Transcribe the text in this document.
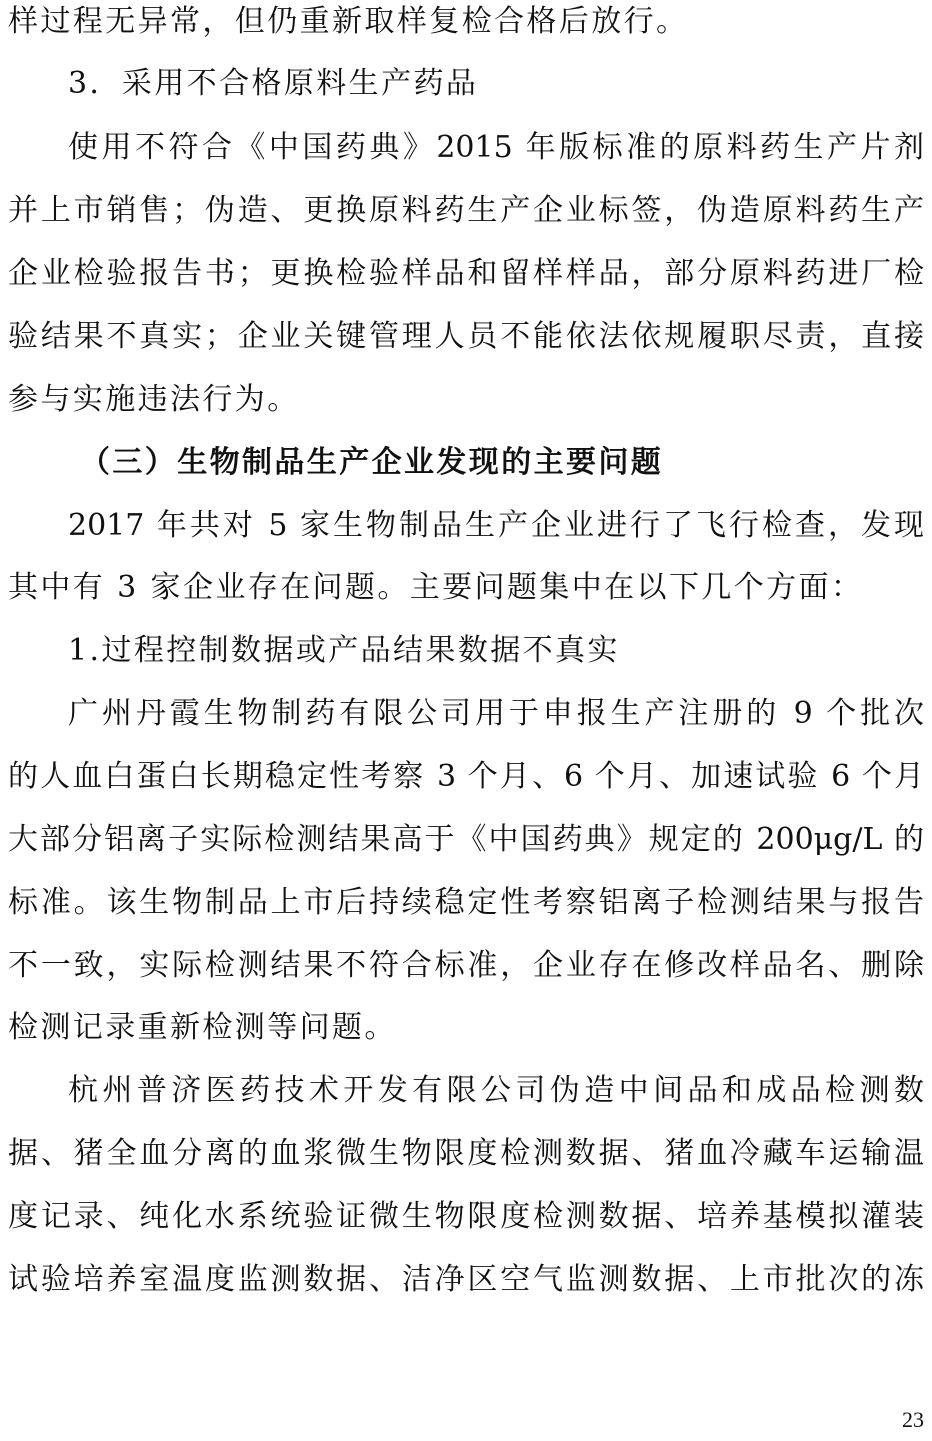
样过程无异常，但仍重新取样复检合格后放行。
3．采用不合格原料生产药品
使用不符合《中国药典》2015 年版标准的原料药生产片剂
并上市销售；伪造、更换原料药生产企业标签，伪造原料药生产
企业检验报告书；更换检验样品和留样样品，部分原料药进厂检
验结果不真实；企业关键管理人员不能依法依规履职尽责，直接
参与实施违法行为。
（三）生物制品生产企业发现的主要问题
2017 年共对 5 家生物制品生产企业进行了飞行检查，发现
其中有 3 家企业存在问题。主要问题集中在以下几个方面：
1.过程控制数据或产品结果数据不真实
广州丹霞生物制药有限公司用于申报生产注册的 9 个批次
的人血白蛋白长期稳定性考察 3 个月、6 个月、加速试验 6 个月
大部分铝离子实际检测结果高于《中国药典》规定的 200μg/L 的
标准。该生物制品上市后持续稳定性考察铝离子检测结果与报告
不一致，实际检测结果不符合标准，企业存在修改样品名、删除
检测记录重新检测等问题。
杭州普济医药技术开发有限公司伪造中间品和成品检测数
据、猪全血分离的血浆微生物限度检测数据、猪血冷藏车运输温
度记录、纯化水系统验证微生物限度检测数据、培养基模拟灌装
试验培养室温度监测数据、洁净区空气监测数据、上市批次的冻
23
